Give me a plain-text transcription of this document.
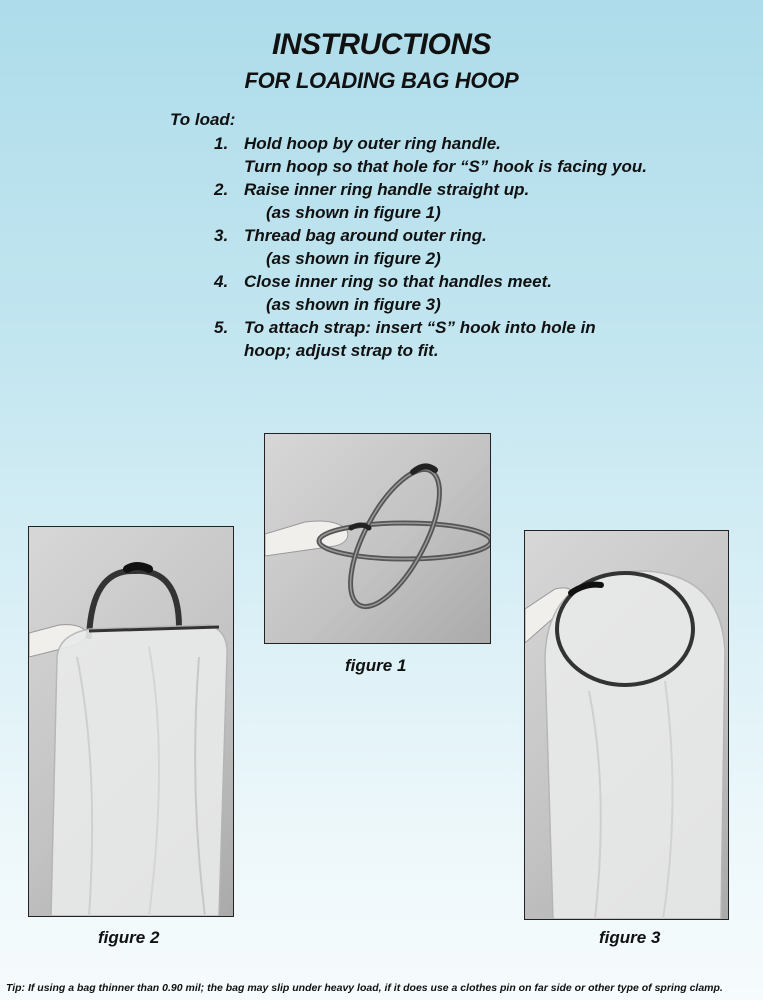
INSTRUCTIONS
FOR LOADING BAG HOOP
To load:
1. Hold hoop by outer ring handle.
Turn hoop so that hole for “S” hook is facing you.
2. Raise inner ring handle straight up.
(as shown in figure 1)
3. Thread bag around outer ring.
(as shown in figure 2)
4. Close inner ring so that handles meet.
(as shown in figure 3)
5. To attach strap: insert “S” hook into hole in
hoop; adjust strap to fit.
figure 1
figure 2	figure 3
Tip: If using a bag thinner than 0.90 mil; the bag may slip under heavy load, if it does use a clothes pin on far side or other type of spring clamp.
